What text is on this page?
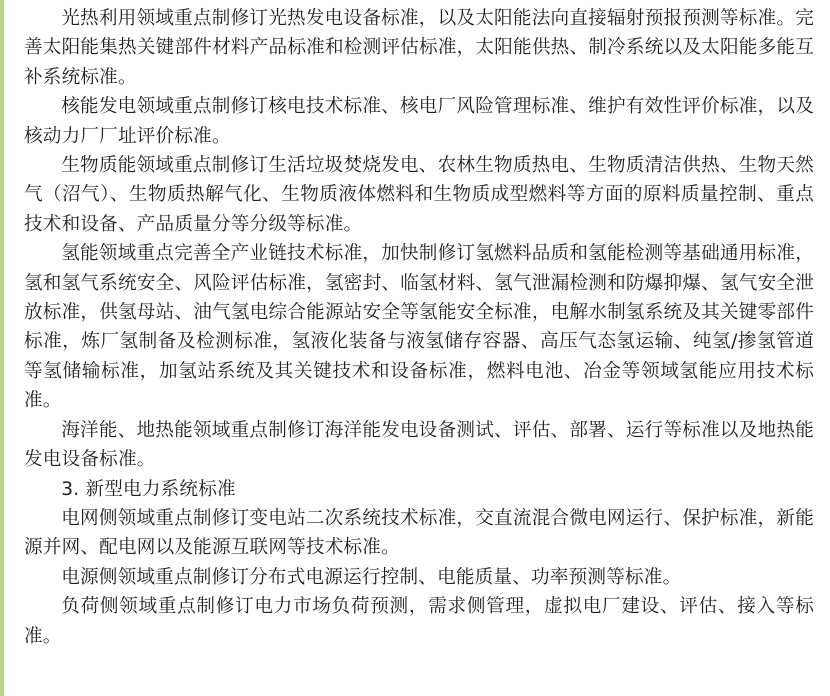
光热利用领域重点制修订光热发电设备标准，以及太阳能法向直接辐射预报预测等标准。完善太阳能集热关键部件材料产品标准和检测评估标准，太阳能供热、制冷系统以及太阳能多能互补系统标准。

核能发电领域重点制修订核电技术标准、核电厂风险管理标准、维护有效性评价标准，以及核动力厂厂址评价标准。

生物质能领域重点制修订生活垃圾焚烧发电、农林生物质热电、生物质清洁供热、生物天然气（沼气）、生物质热解气化、生物质液体燃料和生物质成型燃料等方面的原料质量控制、重点技术和设备、产品质量分等分级等标准。

氢能领域重点完善全产业链技术标准，加快制修订氢燃料品质和氢能检测等基础通用标准，氢和氢气系统安全、风险评估标准，氢密封、临氢材料、氢气泄漏检测和防爆抑爆、氢气安全泄放标准，供氢母站、油气氢电综合能源站安全等氢能安全标准，电解水制氢系统及其关键零部件标准，炼厂氢制备及检测标准，氢液化装备与液氢储存容器、高压气态氢运输、纯氢/掺氢管道等氢储输标准，加氢站系统及其关键技术和设备标准，燃料电池、冶金等领域氢能应用技术标准。

海洋能、地热能领域重点制修订海洋能发电设备测试、评估、部署、运行等标准以及地热能发电设备标准。

3. 新型电力系统标准

电网侧领域重点制修订变电站二次系统技术标准，交直流混合微电网运行、保护标准，新能源并网、配电网以及能源互联网等技术标准。

电源侧领域重点制修订分布式电源运行控制、电能质量、功率预测等标准。

负荷侧领域重点制修订电力市场负荷预测，需求侧管理，虚拟电厂建设、评估、接入等标准。
